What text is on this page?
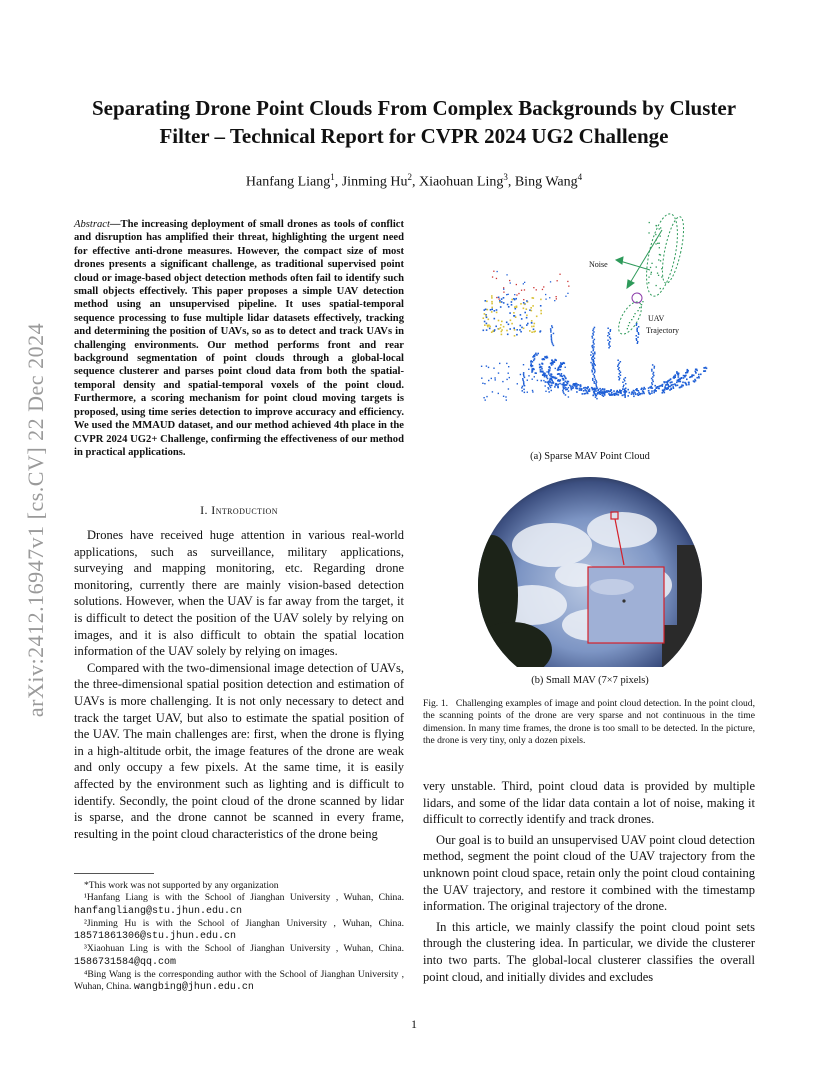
arXiv:2412.16947v1 [cs.CV] 22 Dec 2024
Separating Drone Point Clouds From Complex Backgrounds by Cluster
Filter – Technical Report for CVPR 2024 UG2 Challenge
Hanfang Liang$^1$, Jinming Hu$^2$, Xiaohuan Ling$^3$, Bing Wang$^4$
Abstract—The increasing deployment of small drones as tools of conflict and disruption has amplified their threat, highlighting the urgent need for effective anti-drone measures. However, the compact size of most drones presents a significant challenge, as traditional supervised point cloud or image-based object detection methods often fail to identify such small objects effectively. This paper proposes a simple UAV detection method using an unsupervised pipeline. It uses spatial-temporal sequence processing to fuse multiple lidar datasets effectively, tracking and determining the position of UAVs, so as to detect and track UAVs in challenging environments. Our method performs front and rear background segmentation of point clouds through a global-local sequence clusterer and parses point cloud data from both the spatial-temporal density and spatial-temporal voxels of the point cloud. Furthermore, a scoring mechanism for point cloud moving targets is proposed, using time series detection to improve accuracy and efficiency. We used the MMAUD dataset, and our method achieved 4th place in the CVPR 2024 UG2+ Challenge, confirming the effectiveness of our method in practical applications.
I. Introduction

Drones have received huge attention in various real-world applications, such as surveillance, military applications, surveying and mapping monitoring, etc. Regarding drone monitoring, currently there are mainly vision-based detection solutions. However, when the UAV is far away from the target, it is difficult to detect the position of the UAV solely by relying on images, and it is also difficult to obtain the spatial location information of the UAV solely by relying on images.

Compared with the two-dimensional image detection of UAVs, the three-dimensional spatial position detection and estimation of UAVs is more challenging. It is not only necessary to detect and track the target UAV, but also to estimate the spatial position of the UAV. The main challenges are: first, when the drone is flying in a high-altitude orbit, the image features of the drone are weak and only occupy a few pixels. At the same time, it is easily affected by the environment such as lighting and is difficult to identify. Secondly, the point cloud of the drone scanned by lidar is sparse, and the drone cannot be scanned in every frame, resulting in the point cloud characteristics of the drone being

*This work was not supported by any organization

¹Hanfang Liang is with the School of Jianghan University , Wuhan, China. hanfangliang@stu.jhun.edu.cn

²Jinming Hu is with the School of Jianghan University , Wuhan, China. 18571861306@stu.jhun.edu.cn

³Xiaohuan Ling is with the School of Jianghan University , Wuhan, China. 1586731584@qq.com

⁴Bing Wang is the corresponding author with the School of Jianghan University , Wuhan, China. wangbing@jhun.edu.cn

Noise
UAV
Trajectory
(a) Sparse MAV Point Cloud
(b) Small MAV (7×7 pixels)
Fig. 1. Challenging examples of image and point cloud detection. In the point cloud, the scanning points of the drone are very sparse and not continuous in the time dimension. In many time frames, the drone is too small to be detected. In the picture, the drone is very tiny, only a dozen pixels.

very unstable. Third, point cloud data is provided by multiple lidars, and some of the lidar data contain a lot of noise, making it difficult to correctly identify and track drones.

Our goal is to build an unsupervised UAV point cloud detection method, segment the point cloud of the UAV trajectory from the unknown point cloud space, retain only the point cloud containing the UAV trajectory, and restore it combined with the timestamp information. The original trajectory of the drone.

In this article, we mainly classify the point cloud point sets through the clustering idea. In particular, we divide the clusterer into two parts. The global-local clusterer classifies the overall point cloud, and initially divides and excludes

1
